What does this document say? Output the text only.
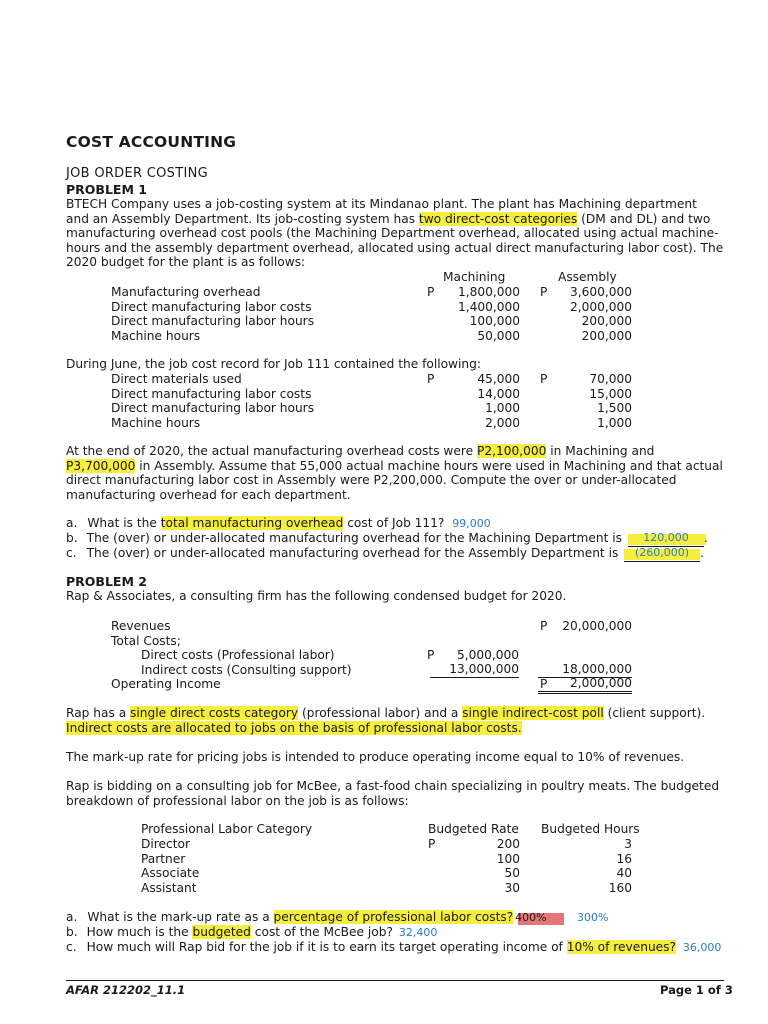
COST ACCOUNTING
JOB ORDER COSTING
PROBLEM 1
BTECH Company uses a job-costing system at its Mindanao plant. The plant has Machining department
and an Assembly Department. Its job-costing system has two direct-cost categories (DM and DL) and two
manufacturing overhead cost pools (the Machining Department overhead, allocated using actual machine-
hours and the assembly department overhead, allocated using actual direct manufacturing labor cost). The
2020 budget for the plant is as follows:
Machining	Assembly
Manufacturing overhead	P	1,800,000 P	3,600,000
Direct manufacturing labor costs	1,400,000	2,000,000
Direct manufacturing labor hours	100,000	200,000
Machine hours	50,000	200,000
During June, the job cost record for Job 111 contained the following:
Direct materials used	P	45,000 P	70,000
Direct manufacturing labor costs	14,000	15,000
Direct manufacturing labor hours	1,000	1,500
Machine hours	2,000	1,000
At the end of 2020, the actual manufacturing overhead costs were P2,100,000 in Machining and
P3,700,000 in Assembly. Assume that 55,000 actual machine hours were used in Machining and that actual
direct manufacturing labor cost in Assembly were P2,200,000. Compute the over or under-allocated
manufacturing overhead for each department.
a. What is the total manufacturing overhead cost of Job 111? 99,000
b. The (over) or under-allocated manufacturing overhead for the Machining Department is	120,000	.
c. The (over) or under-allocated manufacturing overhead for the Assembly Department is	(260,000) .
PROBLEM 2
Rap & Associates, a consulting firm has the following condensed budget for 2020.
Revenues	P 20,000,000
Total Costs;
Direct costs (Professional labor)	P	5,000,000
Indirect costs (Consulting support)	13,000,000	18,000,000
Operating Income	P	2,000,000
Rap has a single direct costs category (professional labor) and a single indirect-cost poll (client support).
Indirect costs are allocated to jobs on the basis of professional labor costs.
The mark-up rate for pricing jobs is intended to produce operating income equal to 10% of revenues.
Rap is bidding on a consulting job for McBee, a fast-food chain specializing in poultry meats. The budgeted
breakdown of professional labor on the job is as follows:
Professional Labor Category	Budgeted Rate Budgeted Hours
Director	P	200	3
Partner	100	16
Associate	50	40
Assistant	30	160
a. What is the mark-up rate as a percentage of professional labor costs? 400%	300%
b. How much is the budgeted cost of the McBee job? 32,400
c. How much will Rap bid for the job if it is to earn its target operating income of 10% of revenues? 36,000
AFAR 212202_11.1	Page 1 of 3
